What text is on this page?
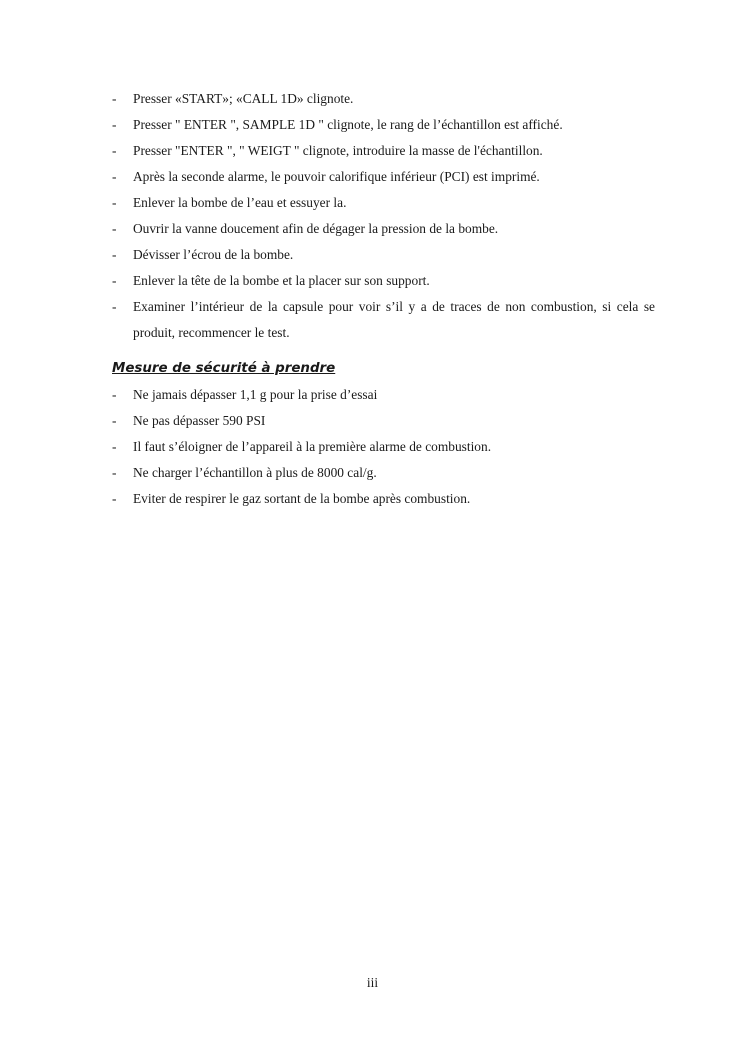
- Presser «START»; «CALL 1D» clignote.
- Presser " ENTER ", SAMPLE 1D " clignote, le rang de l’échantillon est affiché.
- Presser "ENTER ", " WEIGT " clignote, introduire la masse de l'échantillon.
- Après la seconde alarme, le pouvoir calorifique inférieur (PCI) est imprimé.
- Enlever la bombe de l’eau et essuyer la.
- Ouvrir la vanne doucement afin de dégager la pression de la bombe.
- Dévisser l’écrou de la bombe.
- Enlever la tête de la bombe et la placer sur son support.
- Examiner l’intérieur de la capsule pour voir s’il y a de traces de non combustion, si cela se produit, recommencer le test.
Mesure de sécurité à prendre
- Ne jamais dépasser 1,1 g pour la prise d’essai
- Ne pas dépasser 590 PSI
- Il faut s’éloigner de l’appareil à la première alarme de combustion.
- Ne charger l’échantillon à plus de 8000 cal/g.
- Eviter de respirer le gaz sortant de la bombe après combustion.
iii
